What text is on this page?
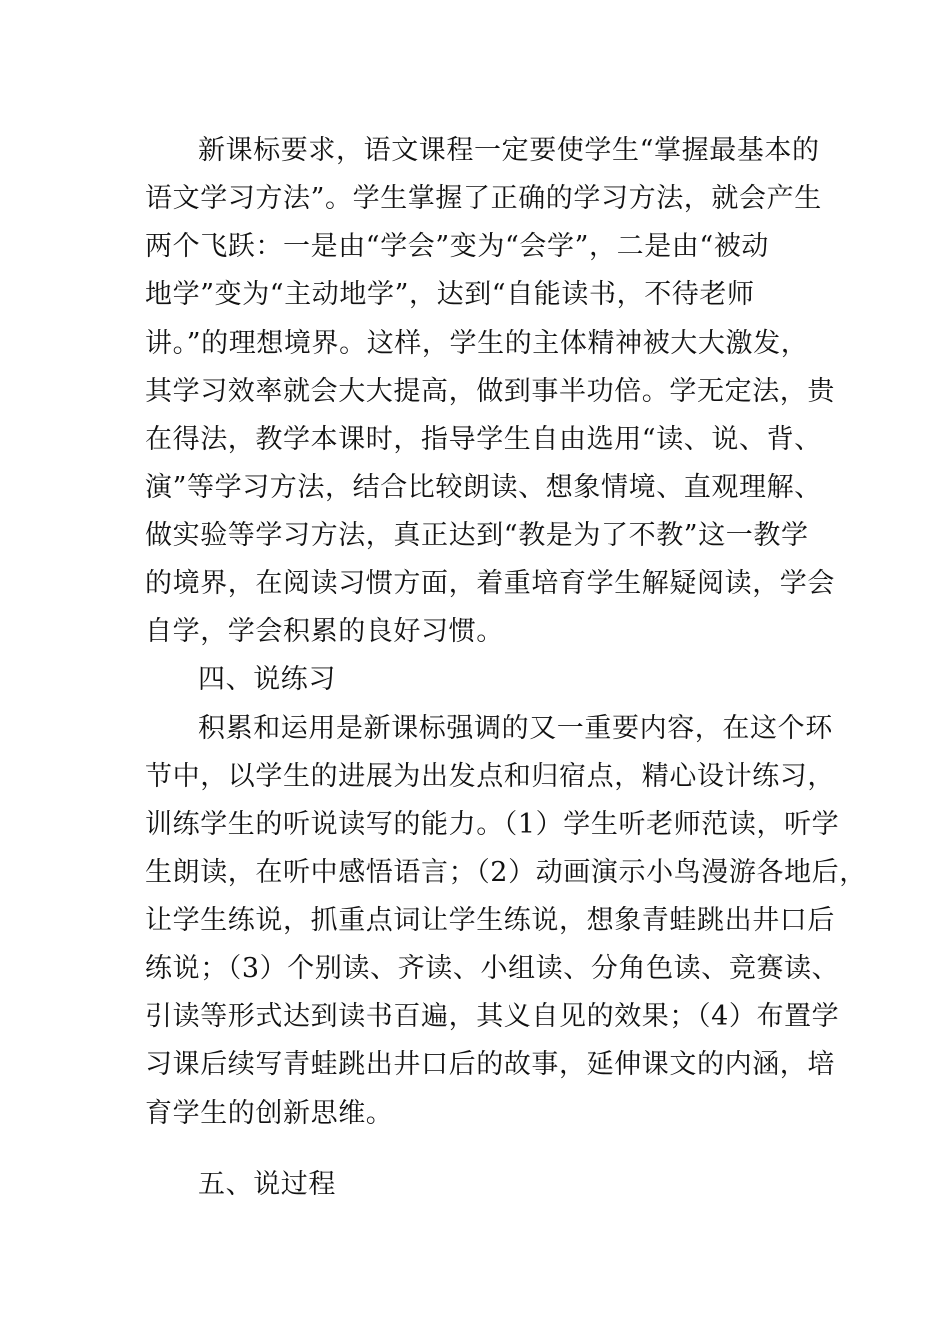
新课标要求，语文课程一定要使学生“掌握最基本的
语文学习方法”。学生掌握了正确的学习方法，就会产生
两个飞跃：一是由“学会”变为“会学”，二是由“被动
地学”变为“主动地学”，达到“自能读书，不待老师
讲。”的理想境界。这样，学生的主体精神被大大激发，
其学习效率就会大大提高，做到事半功倍。学无定法，贵
在得法，教学本课时，指导学生自由选用“读、说、背、
演”等学习方法，结合比较朗读、想象情境、直观理解、
做实验等学习方法，真正达到“教是为了不教”这一教学
的境界，在阅读习惯方面，着重培育学生解疑阅读，学会
自学，学会积累的良好习惯。
四、说练习
积累和运用是新课标强调的又一重要内容，在这个环
节中，以学生的进展为出发点和归宿点，精心设计练习，
训练学生的听说读写的能力。（1）学生听老师范读，听学
生朗读，在听中感悟语言；（2）动画演示小鸟漫游各地后，
让学生练说，抓重点词让学生练说，想象青蛙跳出井口后
练说；（3）个别读、齐读、小组读、分角色读、竞赛读、
引读等形式达到读书百遍，其义自见的效果；（4）布置学
习课后续写青蛙跳出井口后的故事，延伸课文的内涵，培
育学生的创新思维。
五、说过程
